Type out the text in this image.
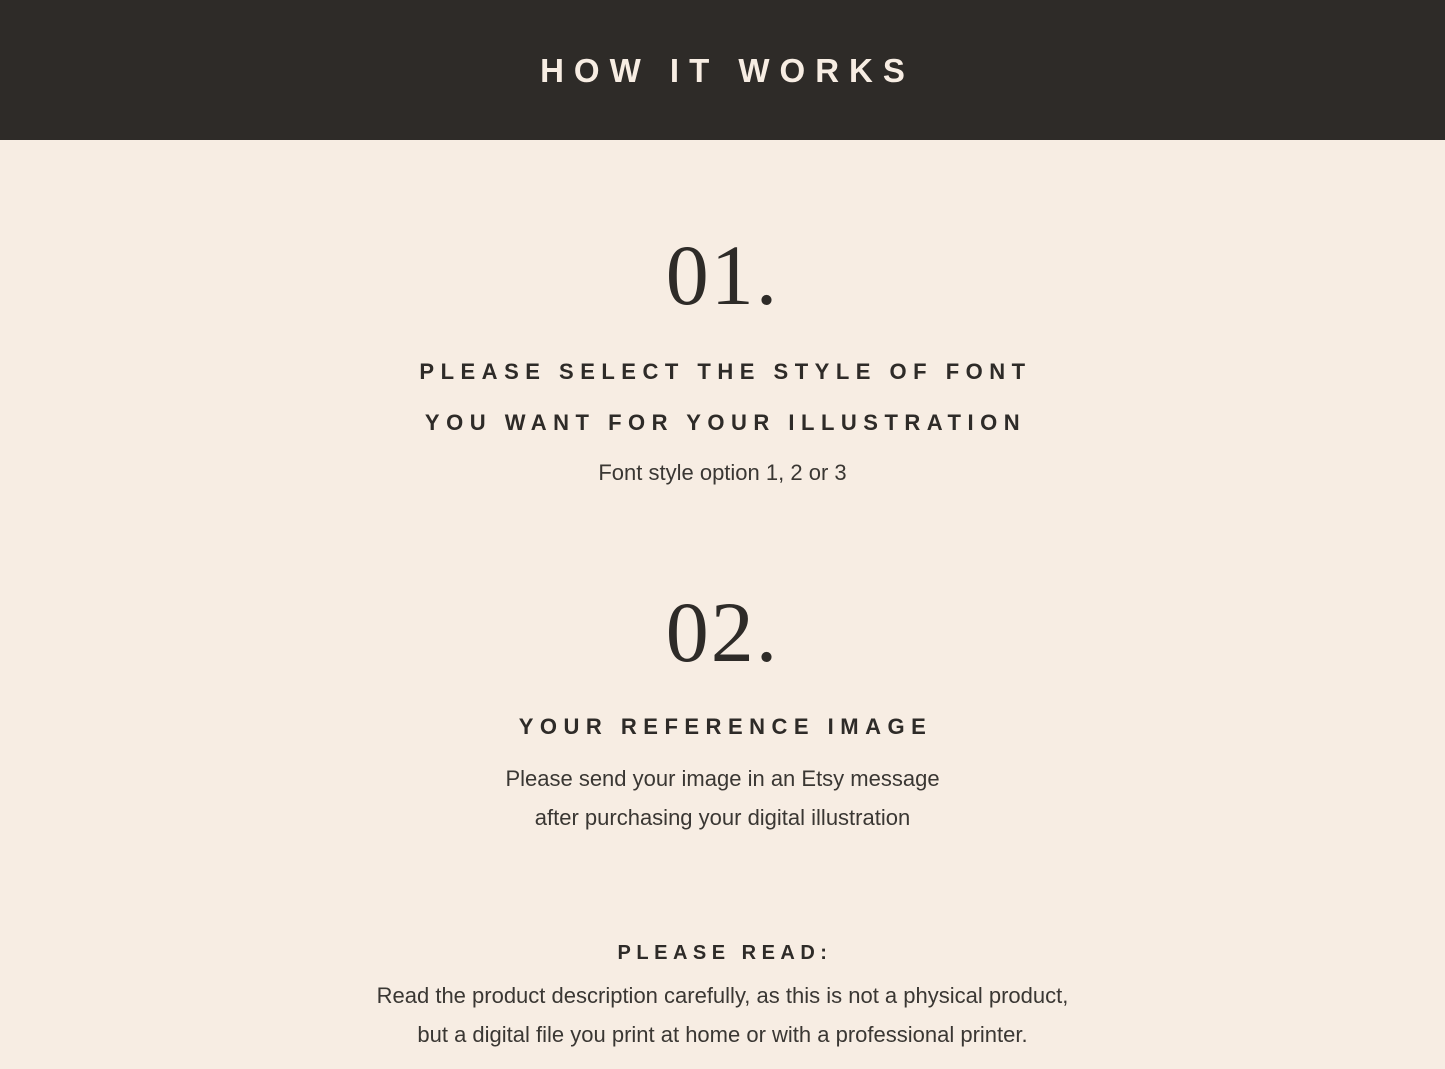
HOW IT WORKS
01.
PLEASE SELECT THE STYLE OF FONT
YOU WANT FOR YOUR ILLUSTRATION
Font style option 1, 2 or 3
02.
YOUR REFERENCE IMAGE
Please send your image in an Etsy message
after purchasing your digital illustration
PLEASE READ:
Read the product description carefully, as this is not a physical product,
but a digital file you print at home or with a professional printer.
